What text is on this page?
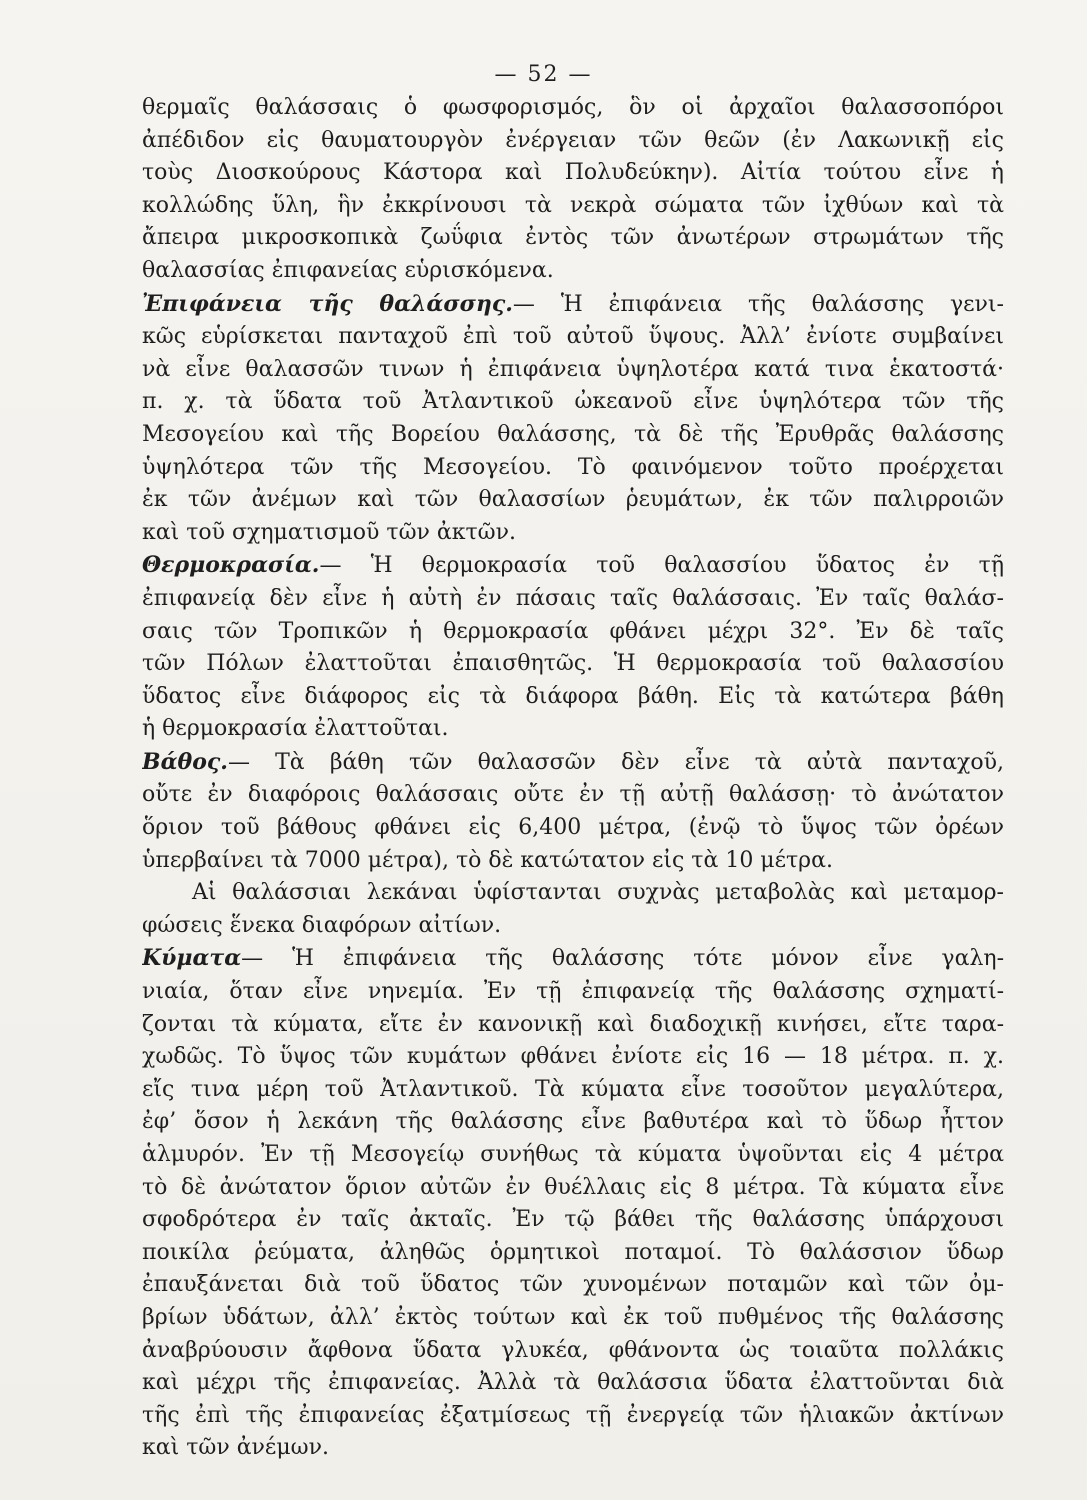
— 52 —
θερμαῖς θαλάσσαις ὁ φωσφορισμός, ὃν οἱ ἀρχαῖοι θαλασσοπόροι
ἀπέδιδον εἰς θαυματουργὸν ἐνέργειαν τῶν θεῶν (ἐν Λακωνικῇ εἰς
τοὺς Διοσκούρους Κάστορα καὶ Πολυδεύκην). Αἰτία τούτου εἶνε ἡ
κολλώδης ὕλη, ἣν ἐκκρίνουσι τὰ νεκρὰ σώματα τῶν ἰχθύων καὶ τὰ
ἄπειρα μικροσκοπικὰ ζωΰφια ἐντὸς τῶν ἀνωτέρων στρωμάτων τῆς
θαλασσίας ἐπιφανείας εὑρισκόμενα.
Ἐπιφάνεια τῆς θαλάσσης.— Ἡ ἐπιφάνεια τῆς θαλάσσης γενι-
κῶς εὑρίσκεται πανταχοῦ ἐπὶ τοῦ αὐτοῦ ὕψους. Ἀλλ’ ἐνίοτε συμβαίνει
νὰ εἶνε θαλασσῶν τινων ἡ ἐπιφάνεια ὑψηλοτέρα κατά τινα ἑκατοστά·
π. χ. τὰ ὕδατα τοῦ Ἀτλαντικοῦ ὠκεανοῦ εἶνε ὑψηλότερα τῶν τῆς
Μεσογείου καὶ τῆς Βορείου θαλάσσης, τὰ δὲ τῆς Ἐρυθρᾶς θαλάσσης
ὑψηλότερα τῶν τῆς Μεσογείου. Τὸ φαινόμενον τοῦτο προέρχεται
ἐκ τῶν ἀνέμων καὶ τῶν θαλασσίων ῥευμάτων, ἐκ τῶν παλιρροιῶν
καὶ τοῦ σχηματισμοῦ τῶν ἀκτῶν.
Θερμοκρασία.— Ἡ θερμοκρασία τοῦ θαλασσίου ὕδατος ἐν τῇ
ἐπιφανείᾳ δὲν εἶνε ἡ αὐτὴ ἐν πάσαις ταῖς θαλάσσαις. Ἐν ταῖς θαλάσ-
σαις τῶν Τροπικῶν ἡ θερμοκρασία φθάνει μέχρι 32°. Ἐν δὲ ταῖς
τῶν Πόλων ἐλαττοῦται ἐπαισθητῶς. Ἡ θερμοκρασία τοῦ θαλασσίου
ὕδατος εἶνε διάφορος εἰς τὰ διάφορα βάθη. Εἰς τὰ κατώτερα βάθη
ἡ θερμοκρασία ἐλαττοῦται.
Βάθος.— Τὰ βάθη τῶν θαλασσῶν δὲν εἶνε τὰ αὐτὰ πανταχοῦ,
οὔτε ἐν διαφόροις θαλάσσαις οὔτε ἐν τῇ αὐτῇ θαλάσσῃ· τὸ ἀνώτατον
ὅριον τοῦ βάθους φθάνει εἰς 6,400 μέτρα, (ἐνῷ τὸ ὕψος τῶν ὀρέων
ὑπερβαίνει τὰ 7000 μέτρα), τὸ δὲ κατώτατον εἰς τὰ 10 μέτρα.
Αἱ θαλάσσιαι λεκάναι ὑφίστανται συχνὰς μεταβολὰς καὶ μεταμορ-
φώσεις ἕνεκα διαφόρων αἰτίων.
Κύματα— Ἡ ἐπιφάνεια τῆς θαλάσσης τότε μόνον εἶνε γαλη-
νιαία, ὅταν εἶνε νηνεμία. Ἐν τῇ ἐπιφανείᾳ τῆς θαλάσσης σχηματί-
ζονται τὰ κύματα, εἴτε ἐν κανονικῇ καὶ διαδοχικῇ κινήσει, εἴτε ταρα-
χωδῶς. Τὸ ὕψος τῶν κυμάτων φθάνει ἐνίοτε εἰς 16 — 18 μέτρα. π. χ.
εἴς τινα μέρη τοῦ Ἀτλαντικοῦ. Τὰ κύματα εἶνε τοσοῦτον μεγαλύτερα,
ἐφ’ ὅσον ἡ λεκάνη τῆς θαλάσσης εἶνε βαθυτέρα καὶ τὸ ὕδωρ ἦττον
ἁλμυρόν. Ἐν τῇ Μεσογείῳ συνήθως τὰ κύματα ὑψοῦνται εἰς 4 μέτρα
τὸ δὲ ἀνώτατον ὅριον αὐτῶν ἐν θυέλλαις εἰς 8 μέτρα. Τὰ κύματα εἶνε
σφοδρότερα ἐν ταῖς ἀκταῖς. Ἐν τῷ βάθει τῆς θαλάσσης ὑπάρχουσι
ποικίλα ῥεύματα, ἀληθῶς ὁρμητικοὶ ποταμοί. Τὸ θαλάσσιον ὕδωρ
ἐπαυξάνεται διὰ τοῦ ὕδατος τῶν χυνομένων ποταμῶν καὶ τῶν ὀμ-
βρίων ὑδάτων, ἀλλ’ ἐκτὸς τούτων καὶ ἐκ τοῦ πυθμένος τῆς θαλάσσης
ἀναβρύουσιν ἄφθονα ὕδατα γλυκέα, φθάνοντα ὡς τοιαῦτα πολλάκις
καὶ μέχρι τῆς ἐπιφανείας. Ἀλλὰ τὰ θαλάσσια ὕδατα ἐλαττοῦνται διὰ
τῆς ἐπὶ τῆς ἐπιφανείας ἐξατμίσεως τῇ ἐνεργείᾳ τῶν ἡλιακῶν ἀκτίνων
καὶ τῶν ἀνέμων.
